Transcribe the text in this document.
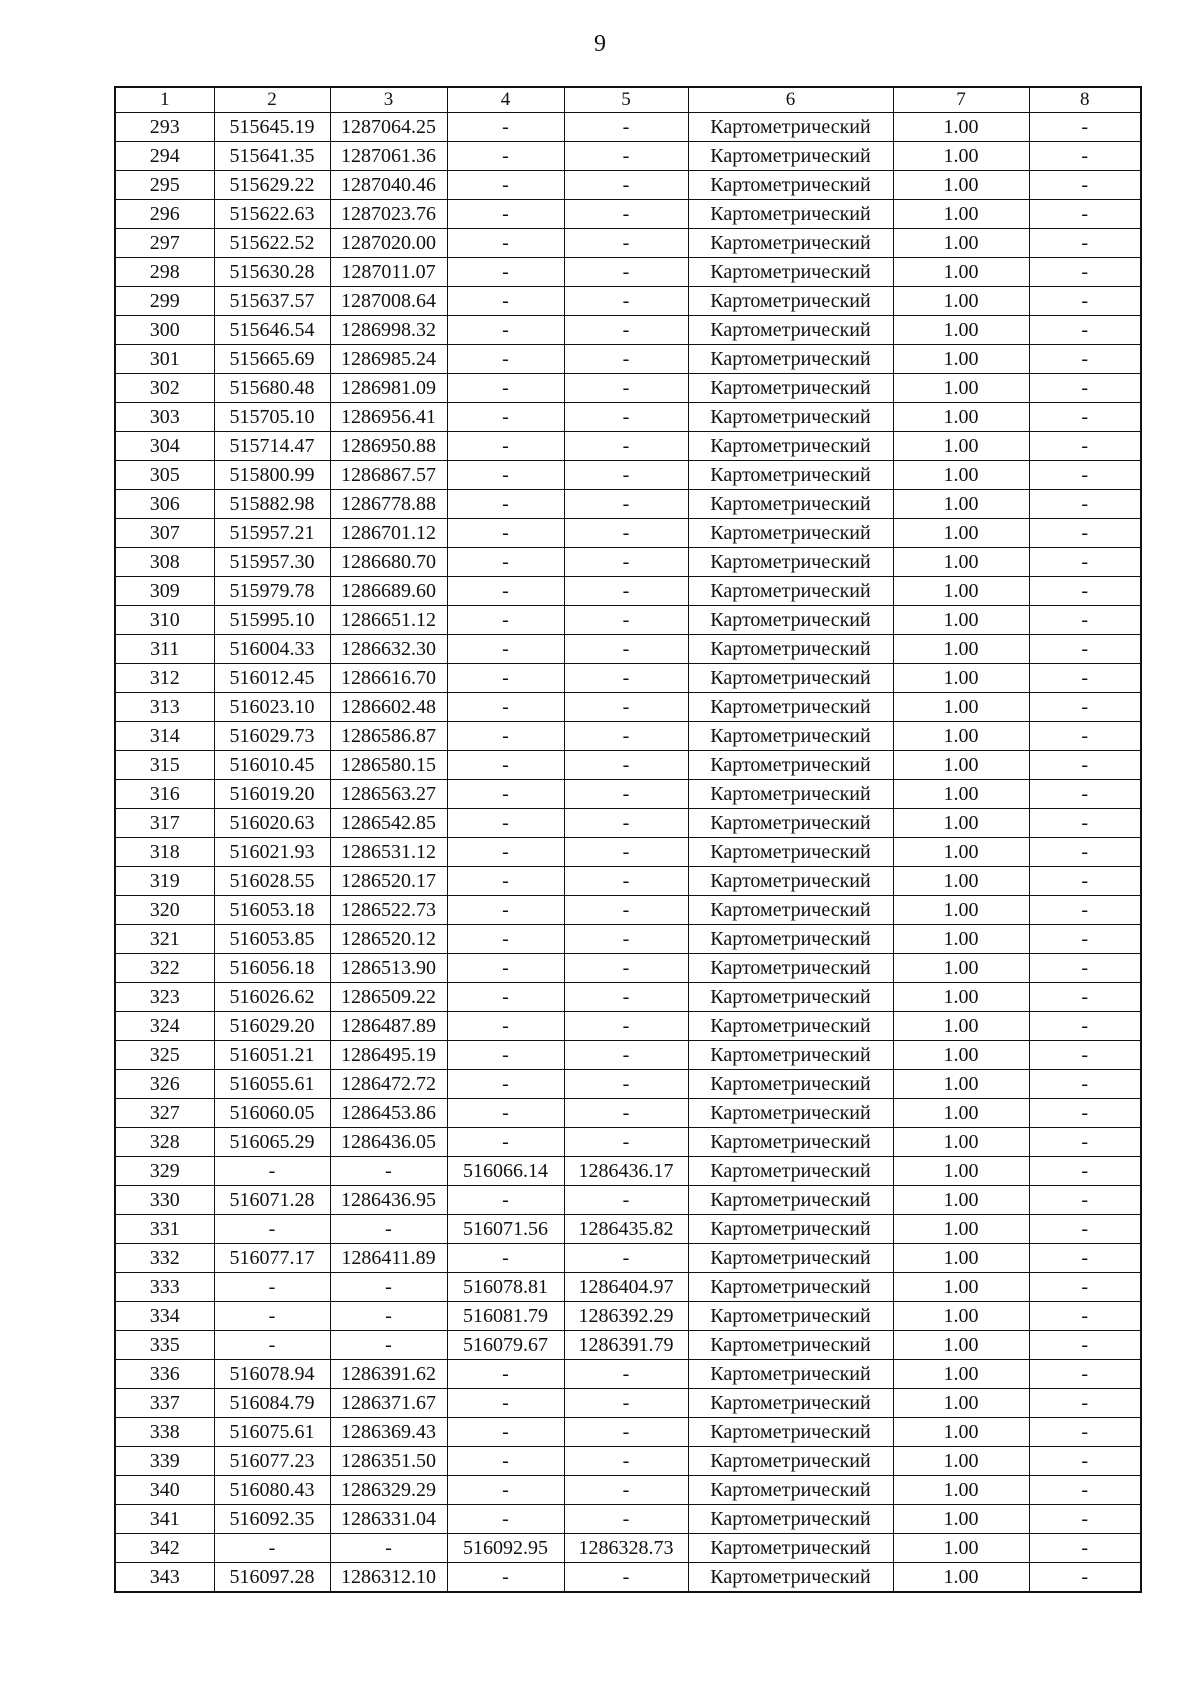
9
1	2	3	4	5	6	7	8
293	515645.19	1287064.25	-	-	Картометрический	1.00	-
294	515641.35	1287061.36	-	-	Картометрический	1.00	-
295	515629.22	1287040.46	-	-	Картометрический	1.00	-
296	515622.63	1287023.76	-	-	Картометрический	1.00	-
297	515622.52	1287020.00	-	-	Картометрический	1.00	-
298	515630.28	1287011.07	-	-	Картометрический	1.00	-
299	515637.57	1287008.64	-	-	Картометрический	1.00	-
300	515646.54	1286998.32	-	-	Картометрический	1.00	-
301	515665.69	1286985.24	-	-	Картометрический	1.00	-
302	515680.48	1286981.09	-	-	Картометрический	1.00	-
303	515705.10	1286956.41	-	-	Картометрический	1.00	-
304	515714.47	1286950.88	-	-	Картометрический	1.00	-
305	515800.99	1286867.57	-	-	Картометрический	1.00	-
306	515882.98	1286778.88	-	-	Картометрический	1.00	-
307	515957.21	1286701.12	-	-	Картометрический	1.00	-
308	515957.30	1286680.70	-	-	Картометрический	1.00	-
309	515979.78	1286689.60	-	-	Картометрический	1.00	-
310	515995.10	1286651.12	-	-	Картометрический	1.00	-
311	516004.33	1286632.30	-	-	Картометрический	1.00	-
312	516012.45	1286616.70	-	-	Картометрический	1.00	-
313	516023.10	1286602.48	-	-	Картометрический	1.00	-
314	516029.73	1286586.87	-	-	Картометрический	1.00	-
315	516010.45	1286580.15	-	-	Картометрический	1.00	-
316	516019.20	1286563.27	-	-	Картометрический	1.00	-
317	516020.63	1286542.85	-	-	Картометрический	1.00	-
318	516021.93	1286531.12	-	-	Картометрический	1.00	-
319	516028.55	1286520.17	-	-	Картометрический	1.00	-
320	516053.18	1286522.73	-	-	Картометрический	1.00	-
321	516053.85	1286520.12	-	-	Картометрический	1.00	-
322	516056.18	1286513.90	-	-	Картометрический	1.00	-
323	516026.62	1286509.22	-	-	Картометрический	1.00	-
324	516029.20	1286487.89	-	-	Картометрический	1.00	-
325	516051.21	1286495.19	-	-	Картометрический	1.00	-
326	516055.61	1286472.72	-	-	Картометрический	1.00	-
327	516060.05	1286453.86	-	-	Картометрический	1.00	-
328	516065.29	1286436.05	-	-	Картометрический	1.00	-
329	-	-	516066.14	1286436.17	Картометрический	1.00	-
330	516071.28	1286436.95	-	-	Картометрический	1.00	-
331	-	-	516071.56	1286435.82	Картометрический	1.00	-
332	516077.17	1286411.89	-	-	Картометрический	1.00	-
333	-	-	516078.81	1286404.97	Картометрический	1.00	-
334	-	-	516081.79	1286392.29	Картометрический	1.00	-
335	-	-	516079.67	1286391.79	Картометрический	1.00	-
336	516078.94	1286391.62	-	-	Картометрический	1.00	-
337	516084.79	1286371.67	-	-	Картометрический	1.00	-
338	516075.61	1286369.43	-	-	Картометрический	1.00	-
339	516077.23	1286351.50	-	-	Картометрический	1.00	-
340	516080.43	1286329.29	-	-	Картометрический	1.00	-
341	516092.35	1286331.04	-	-	Картометрический	1.00	-
342	-	-	516092.95	1286328.73	Картометрический	1.00	-
343	516097.28	1286312.10	-	-	Картометрический	1.00	-
